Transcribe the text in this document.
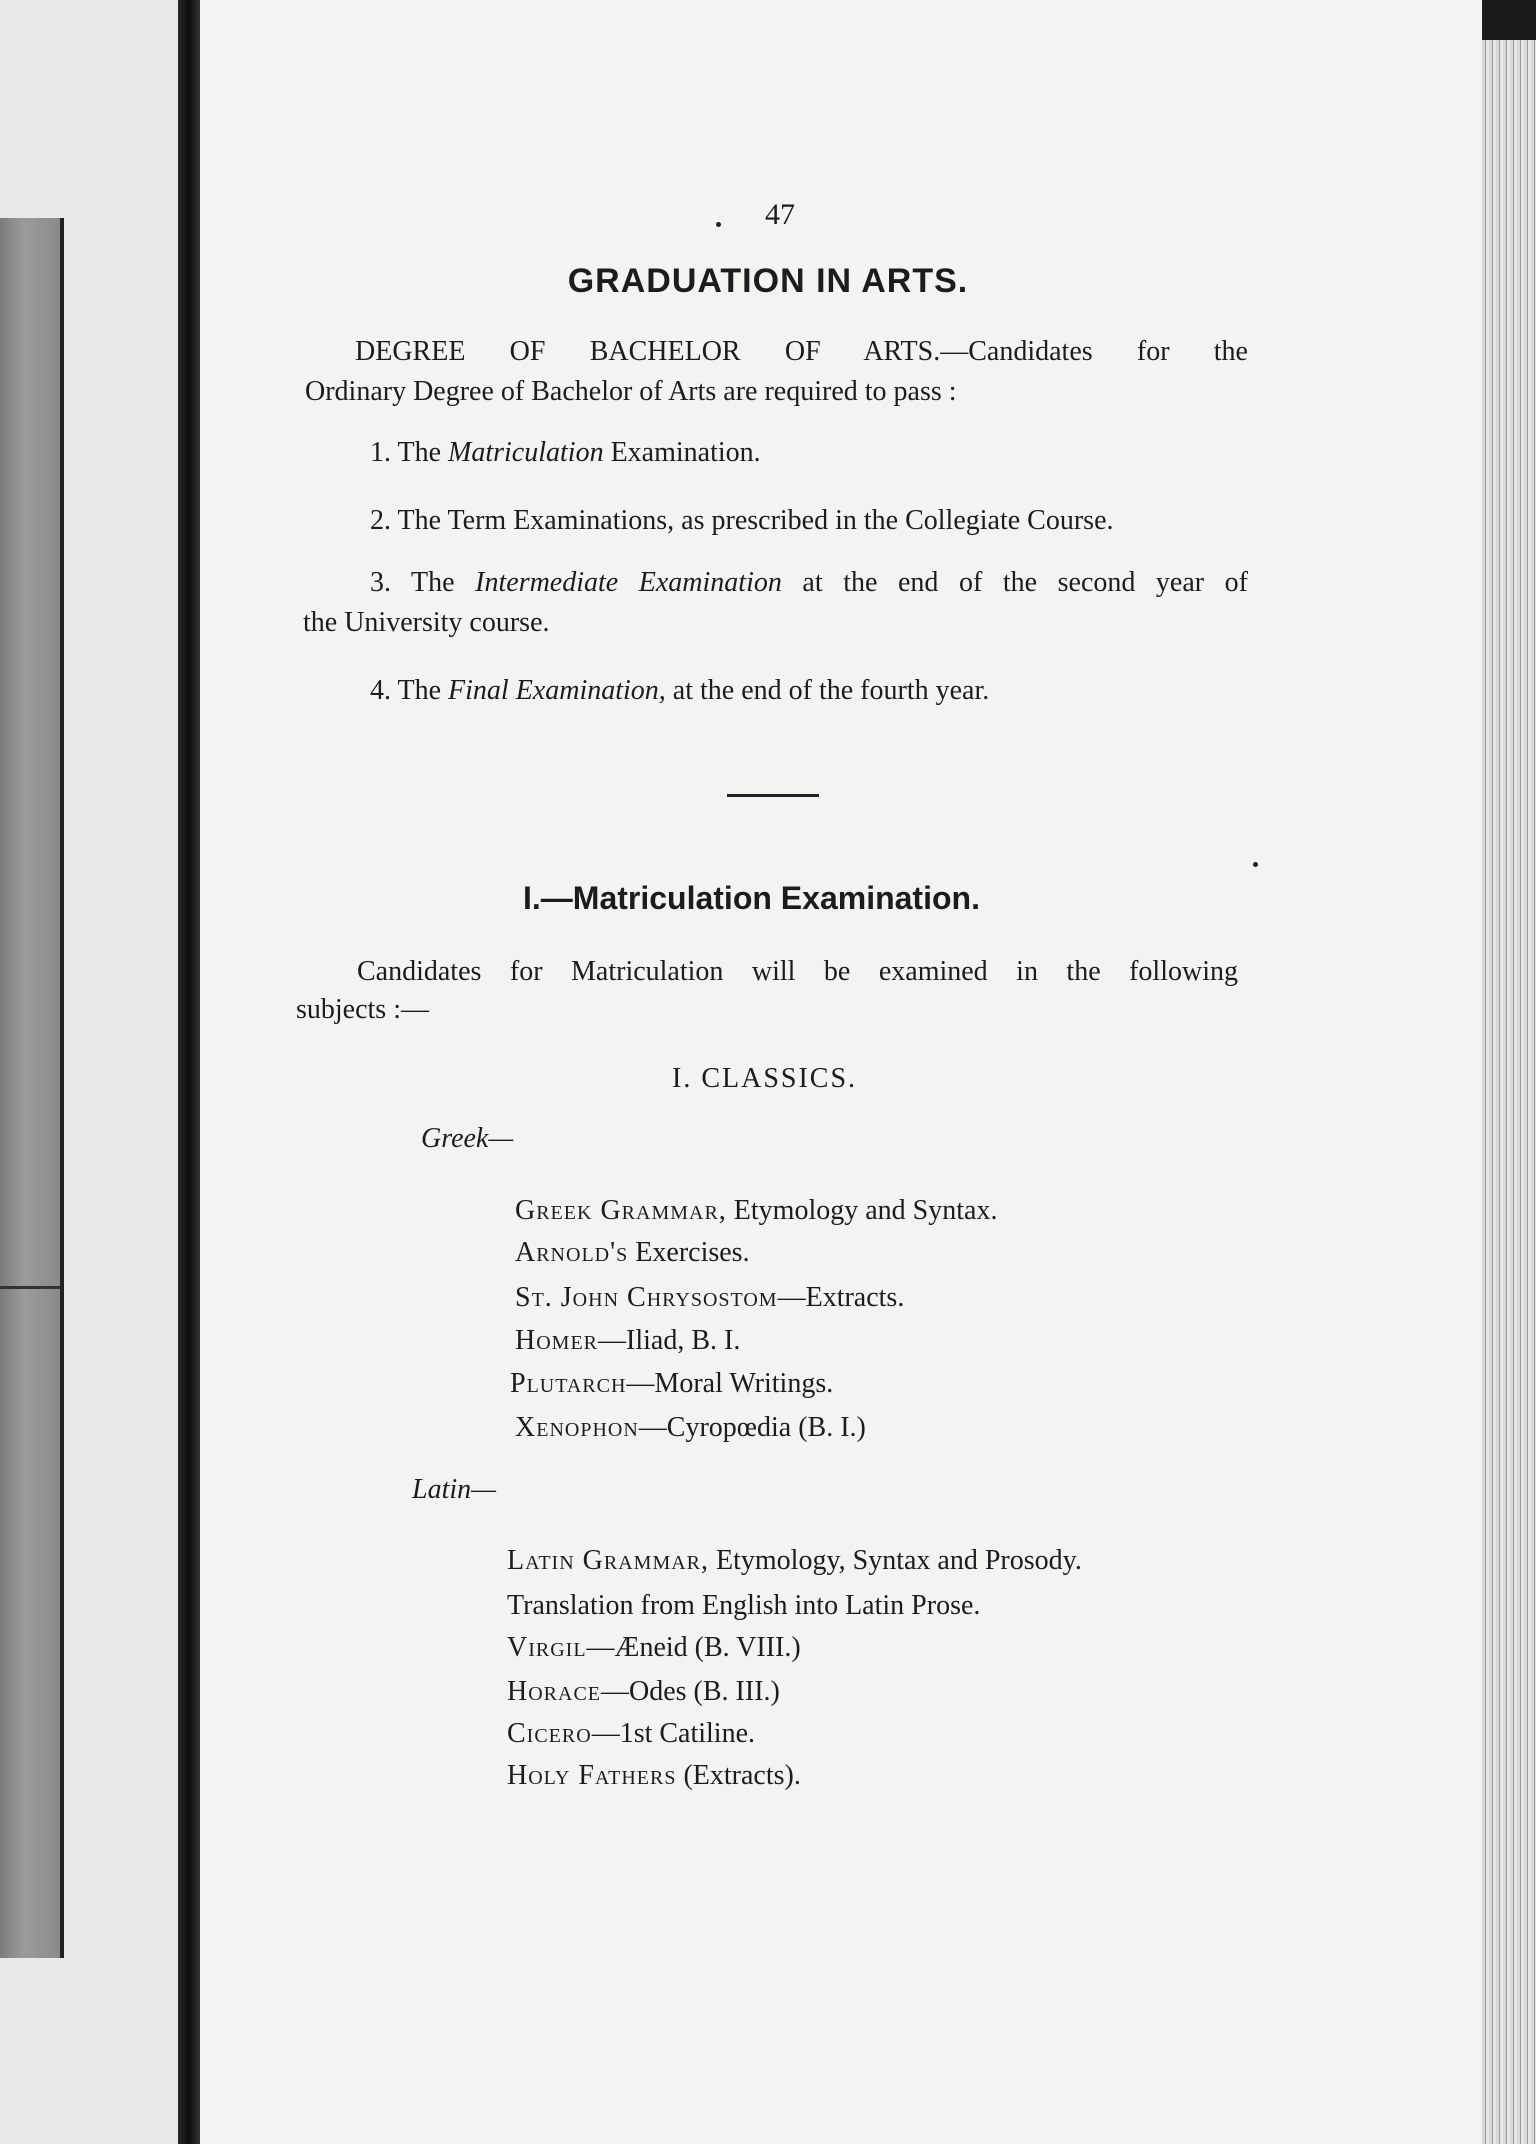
47
GRADUATION IN ARTS.
DEGREE OF BACHELOR OF ARTS.—Candidates for the
Ordinary Degree of Bachelor of Arts are required to pass :
1. The Matriculation Examination.
2. The Term Examinations, as prescribed in the Collegiate Course.
3. The Intermediate Examination at the end of the second year of
the University course.
4. The Final Examination, at the end of the fourth year.
I.—Matriculation Examination.
Candidates for Matriculation will be examined in the following
subjects :—
I. CLASSICS.
Greek—
Greek Grammar, Etymology and Syntax.
Arnold's Exercises.
St. John Chrysostom—Extracts.
Homer—Iliad, B. I.
Plutarch—Moral Writings.
Xenophon—Cyropœdia (B. I.)
Latin—
Latin Grammar, Etymology, Syntax and Prosody.
Translation from English into Latin Prose.
Virgil—Æneid (B. VIII.)
Horace—Odes (B. III.)
Cicero—1st Catiline.
Holy Fathers (Extracts).
